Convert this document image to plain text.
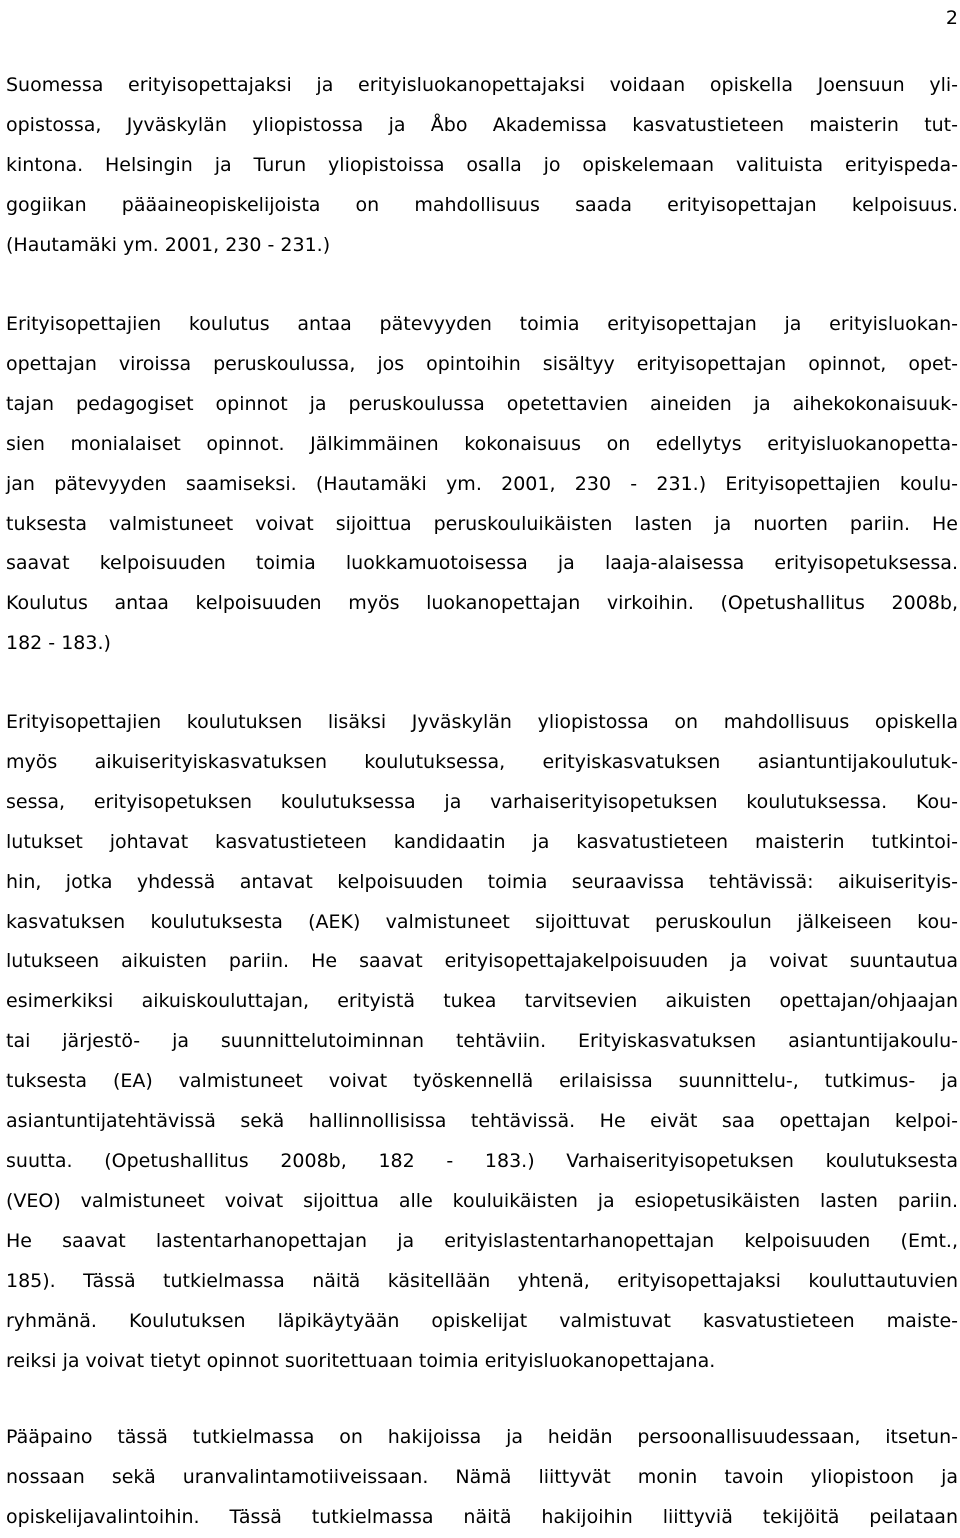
2
Suomessa erityisopettajaksi ja erityisluokanopettajaksi voidaan opiskella Joensuun yli-
opistossa, Jyväskylän yliopistossa ja Åbo Akademissa kasvatustieteen maisterin tut-
kintona. Helsingin ja Turun yliopistoissa osalla jo opiskelemaan valituista erityispeda-
gogiikan pääaineopiskelijoista on mahdollisuus saada erityisopettajan kelpoisuus.
(Hautamäki ym. 2001, 230 - 231.)
Erityisopettajien koulutus antaa pätevyyden toimia erityisopettajan ja erityisluokan-
opettajan viroissa peruskoulussa, jos opintoihin sisältyy erityisopettajan opinnot, opet-
tajan pedagogiset opinnot ja peruskoulussa opetettavien aineiden ja aihekokonaisuuk-
sien monialaiset opinnot. Jälkimmäinen kokonaisuus on edellytys erityisluokanopetta-
jan pätevyyden saamiseksi. (Hautamäki ym. 2001, 230 - 231.) Erityisopettajien koulu-
tuksesta valmistuneet voivat sijoittua peruskouluikäisten lasten ja nuorten pariin. He
saavat kelpoisuuden toimia luokkamuotoisessa ja laaja-alaisessa erityisopetuksessa.
Koulutus antaa kelpoisuuden myös luokanopettajan virkoihin. (Opetushallitus 2008b,
182 - 183.)
Erityisopettajien koulutuksen lisäksi Jyväskylän yliopistossa on mahdollisuus opiskella
myös aikuiserityiskasvatuksen koulutuksessa, erityiskasvatuksen asiantuntijakoulutuk-
sessa, erityisopetuksen koulutuksessa ja varhaiserityisopetuksen koulutuksessa. Kou-
lutukset johtavat kasvatustieteen kandidaatin ja kasvatustieteen maisterin tutkintoi-
hin, jotka yhdessä antavat kelpoisuuden toimia seuraavissa tehtävissä: aikuiserityis-
kasvatuksen koulutuksesta (AEK) valmistuneet sijoittuvat peruskoulun jälkeiseen kou-
lutukseen aikuisten pariin. He saavat erityisopettajakelpoisuuden ja voivat suuntautua
esimerkiksi aikuiskouluttajan, erityistä tukea tarvitsevien aikuisten opettajan/ohjaajan
tai järjestö- ja suunnittelutoiminnan tehtäviin. Erityiskasvatuksen asiantuntijakoulu-
tuksesta (EA) valmistuneet voivat työskennellä erilaisissa suunnittelu-, tutkimus- ja
asiantuntijatehtävissä sekä hallinnollisissa tehtävissä. He eivät saa opettajan kelpoi-
suutta. (Opetushallitus 2008b, 182 - 183.) Varhaiserityisopetuksen koulutuksesta
(VEO) valmistuneet voivat sijoittua alle kouluikäisten ja esiopetusikäisten lasten pariin.
He saavat lastentarhanopettajan ja erityislastentarhanopettajan kelpoisuuden (Emt.,
185). Tässä tutkielmassa näitä käsitellään yhtenä, erityisopettajaksi kouluttautuvien
ryhmänä. Koulutuksen läpikäytyään opiskelijat valmistuvat kasvatustieteen maiste-
reiksi ja voivat tietyt opinnot suoritettuaan toimia erityisluokanopettajana.
Pääpaino tässä tutkielmassa on hakijoissa ja heidän persoonallisuudessaan, itsetun-
nossaan sekä uranvalintamotiiveissaan. Nämä liittyvät monin tavoin yliopistoon ja
opiskelijavalintoihin. Tässä tutkielmassa näitä hakijoihin liittyviä tekijöitä peilataan
